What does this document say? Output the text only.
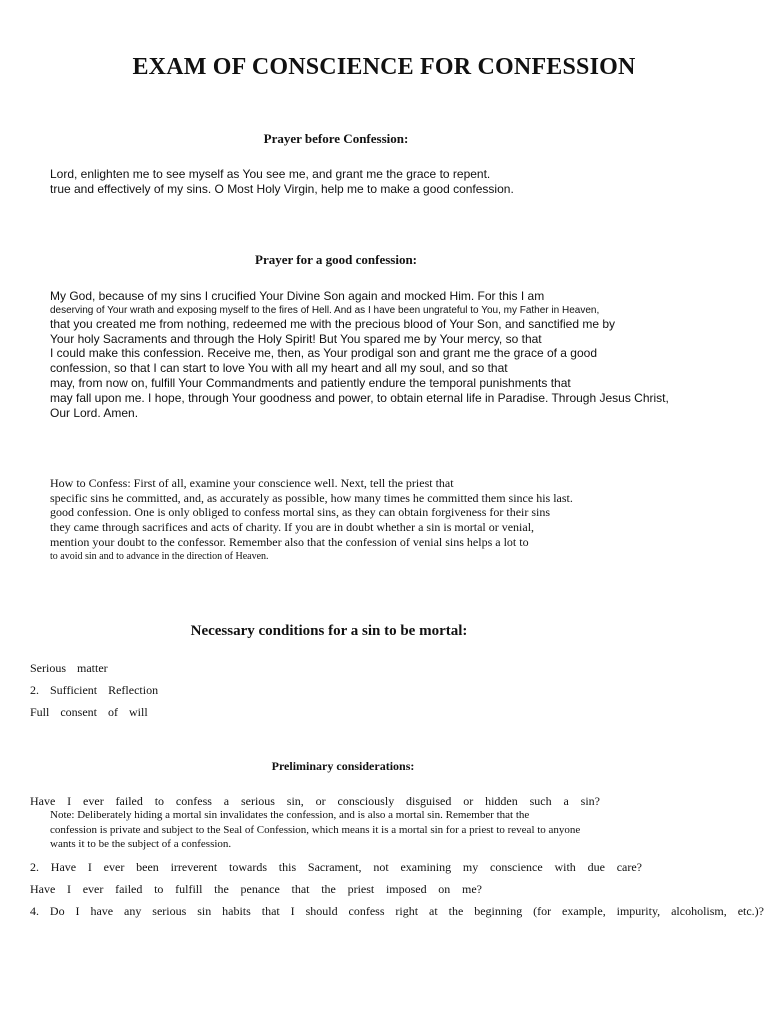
EXAM OF CONSCIENCE FOR CONFESSION
Prayer before Confession:
Lord, enlighten me to see myself as You see me, and grant me the grace to repent.
true and effectively of my sins. O Most Holy Virgin, help me to make a good confession.
Prayer for a good confession:
My God, because of my sins I crucified Your Divine Son again and mocked Him. For this I am
deserving of Your wrath and exposing myself to the fires of Hell. And as I have been ungrateful to You, my Father in Heaven,
that you created me from nothing, redeemed me with the precious blood of Your Son, and sanctified me by
Your holy Sacraments and through the Holy Spirit! But You spared me by Your mercy, so that
I could make this confession. Receive me, then, as Your prodigal son and grant me the grace of a good
confession, so that I can start to love You with all my heart and all my soul, and so that
may, from now on, fulfill Your Commandments and patiently endure the temporal punishments that
may fall upon me. I hope, through Your goodness and power, to obtain eternal life in Paradise. Through Jesus Christ,
Our Lord. Amen.
How to Confess: First of all, examine your conscience well. Next, tell the priest that
specific sins he committed, and, as accurately as possible, how many times he committed them since his last.
good confession. One is only obliged to confess mortal sins, as they can obtain forgiveness for their sins
they came through sacrifices and acts of charity. If you are in doubt whether a sin is mortal or venial,
mention your doubt to the confessor. Remember also that the confession of venial sins helps a lot to
to avoid sin and to advance in the direction of Heaven.
Necessary conditions for a sin to be mortal:
Serious matter
2. Sufficient Reflection
Full consent of will
Preliminary considerations:
Have I ever failed to confess a serious sin, or consciously disguised or hidden such a sin?
Note: Deliberately hiding a mortal sin invalidates the confession, and is also a mortal sin. Remember that the
confession is private and subject to the Seal of Confession, which means it is a mortal sin for a priest to reveal to anyone
wants it to be the subject of a confession.
2. Have I ever been irreverent towards this Sacrament, not examining my conscience with due care?
Have I ever failed to fulfill the penance that the priest imposed on me?
4. Do I have any serious sin habits that I should confess right at the beginning (for example, impurity, alcoholism, etc.)?
